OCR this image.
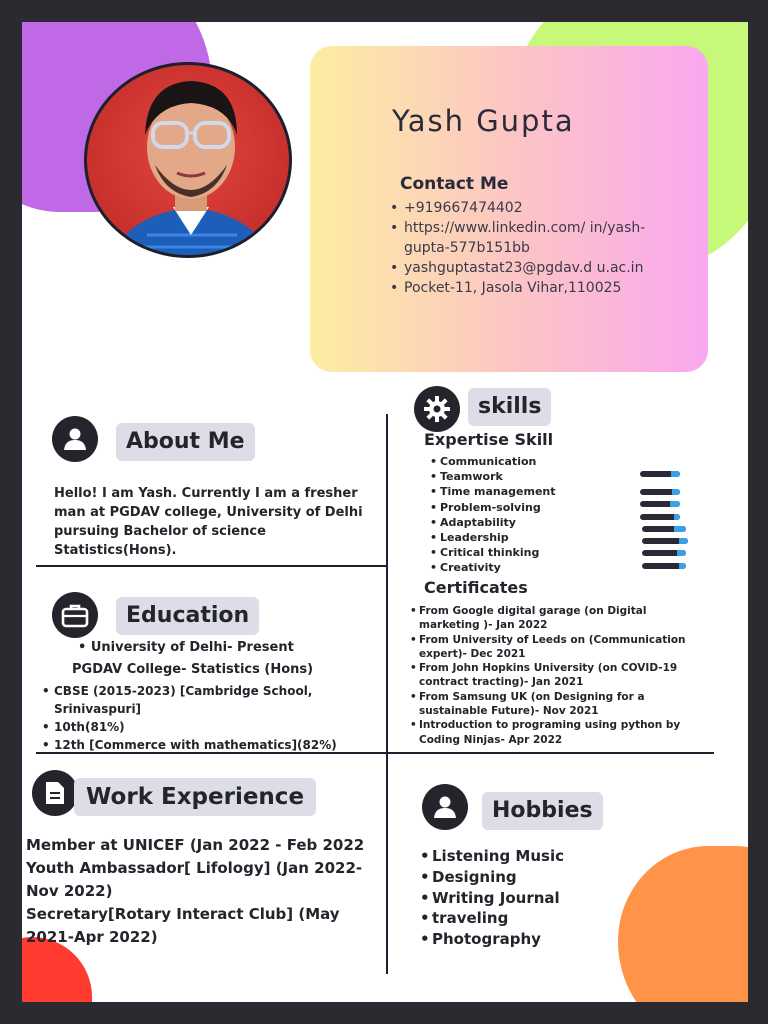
Yash Gupta
Contact Me
• +919667474402
• https://www.linkedin.com/ in/yash-gupta-577b151bb
• yashguptastat23@pgdav.d u.ac.in
• Pocket-11, Jasola Vihar,110025
About Me
Hello! I am Yash. Currently I am a fresher man at PGDAV college, University of Delhi pursuing Bachelor of science Statistics(Hons).
Education
• University of Delhi- Present
PGDAV College- Statistics (Hons)
• CBSE (2015-2023) [Cambridge School, Srinivaspuri]
• 10th(81%)
• 12th [Commerce with mathematics](82%)
Work Experience
Member at UNICEF (Jan 2022 - Feb 2022
Youth Ambassador[ Lifology] (Jan 2022-Nov 2022)
Secretary[Rotary Interact Club] (May 2021-Apr 2022)
skills
Expertise Skill
• Communication
• Teamwork
• Time management
• Problem-solving
• Adaptability
• Leadership
• Critical thinking
• Creativity
Certificates
• From Google digital garage (on Digital marketing )- Jan 2022
• From University of Leeds on (Communication expert)- Dec 2021
• From John Hopkins University (on COVID-19 contract tracting)- Jan 2021
• From Samsung UK (on Designing for a sustainable Future)- Nov 2021
• Introduction to programing using python by Coding Ninjas- Apr 2022
Hobbies
• Listening Music
• Designing
• Writing Journal
• traveling
• Photography
